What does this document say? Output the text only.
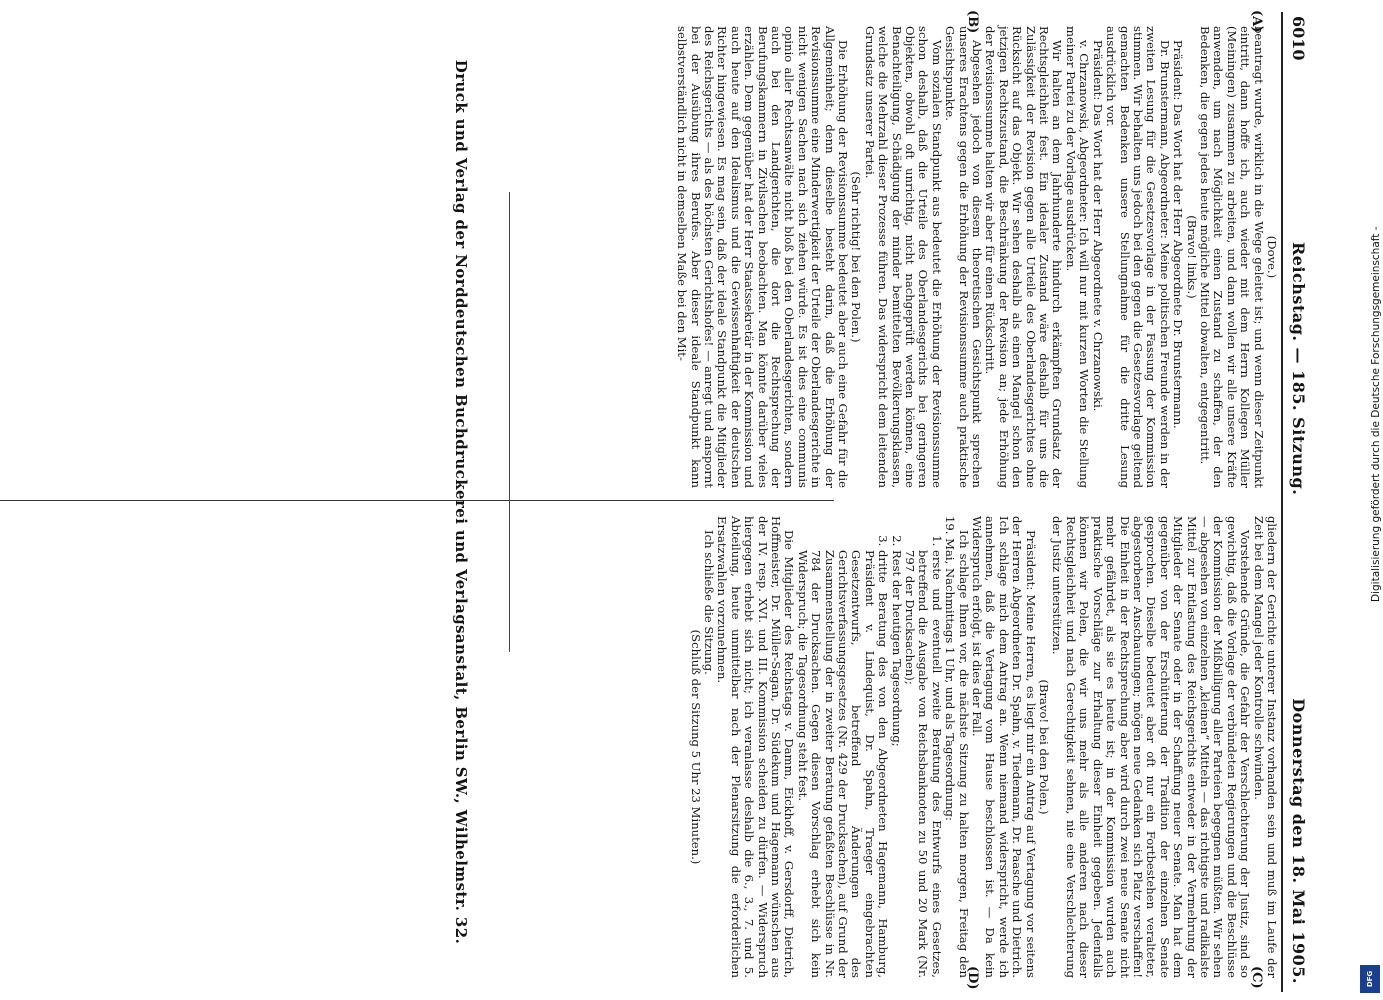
6010
Reichstag. — 185. Sitzung.
Donnerstag den 18. Mai 1905.
(A)
(B)
(C)
(D)

(Dove.)

beantragt wurde, wirklich in die Wege geleitet ist; und wenn dieser Zeitpunkt eintritt, dann hoffe ich, auch wieder mit dem Herrn Kollegen Müller (Meiningen) zusammen zu arbeiten, und dann wollen wir alle unsere Kräfte anwenden, um nach Möglichkeit einen Zustand zu schaffen, der den Bedenken, die gegen jedes heute mögliche Mittel obwalten, entgegentritt.

(Bravo! links.)

Präsident: Das Wort hat der Herr Abgeordnete Dr. Brunstermann.

Dr. Brunstermann, Abgeordneter: Meine politischen Freunde werden in der zweiten Lesung für die Gesetzesvorlage in der Fassung der Kommission stimmen. Wir behalten uns jedoch bei den gegen die Gesetzesvorlage geltend gemachten Bedenken unsere Stellungnahme für die dritte Lesung ausdrücklich vor.

Präsident: Das Wort hat der Herr Abgeordnete v. Chrzanowski.

v. Chrzanowski, Abgeordneter: Ich will nur mit kurzen Worten die Stellung meiner Partei zu der Vorlage ausdrücken.

Wir halten an dem Jahrhunderte hindurch erkämpften Grundsatz der Rechtsgleichheit fest. Ein idealer Zustand wäre deshalb für uns die Zulässigkeit der Revision gegen alle Urteile des Oberlandesgerichtes ohne Rücksicht auf das Objekt. Wir sehen deshalb als einen Mangel schon den jetzigen Rechtszustand, die Beschränkung der Revision an; jede Erhöhung der Revisionssumme halten wir aber für einen Rückschritt.

Abgesehen jedoch von diesem theoretischen Gesichtspunkt sprechen unseres Erachtens gegen die Erhöhung der Revisionssumme auch praktische Gesichtspunkte.

Vom sozialen Standpunkt aus bedeutet die Erhöhung der Revisionssumme schon deshalb, daß die Urteile des Oberlandesgerichts bei geringeren Objekten, obwohl oft unrichtig, nicht nachgeprüft werden können, eine Benachteiligung, Schädigung der minder bemittelten Bevölkerungsklassen, welche die Mehrzahl dieser Prozesse führen. Das widerspricht dem leitenden Grundsatz unserer Partei.

(Sehr richtig! bei den Polen.)

Die Erhöhung der Revisionssumme bedeutet aber auch eine Gefahr für die Allgemeinheit; denn dieselbe besteht darin, daß die Erhöhung der Revisionssumme eine Minderwertigkeit der Urteile der Oberlandesgerichte in nicht wenigen Sachen nach sich ziehen würde. Es ist dies eine communis opinio aller Rechtsanwälte nicht bloß bei den Oberlandesgerichten, sondern auch bei den Landgerichten, die dort die Rechtsprechung der Berufungskammern in Zivilsachen beobachten. Man könnte darüber vieles erzählen. Dem gegenüber hat der Herr Staatssekretär in der Kommission und auch heute auf den Idealismus und die Gewissenhaftigkeit der deutschen Richter hingewiesen. Es mag sein, daß der ideale Standpunkt die Mitglieder des Reichsgerichts — als des höchsten Gerichtshofes! — anregt und anspornt bei der Ausübung ihres Berufes. Aber dieser ideale Standpunkt kann selbstverständlich nicht in demselben Maße bei den Mit-

gliedern der Gerichte unterer Instanz vorhanden sein und muß im Laufe der Zeit bei dem Mangel jeder Kontrolle schwinden.

Vorstehende Gründe, die Gefahr der Verschlechterung der Justiz, sind so gewichtig, daß die Vorlage der verbündeten Regierungen und die Beschlüsse der Kommission der Mißbilligung aller Parteien begegnen müßten. Wir sehen — abgesehen von einzelnen „kleinen“ Mitteln — das richtigste und radikalste Mittel zur Entlastung des Reichsgerichts entweder in der Vermehrung der Mitglieder der Senate oder in der Schaffung neuer Senate. Man hat dem gegenüber von der Erschütterung der Tradition der einzelnen Senate gesprochen. Dieselbe bedeutet aber oft nur ein Fortbestehen veralteter, abgestorbener Anschauungen; mögen neue Gedanken sich Platz verschaffen! Die Einheit in der Rechtsprechung aber wird durch zwei neue Senate nicht mehr gefährdet, als sie es heute ist; in der Kommission wurden auch praktische Vorschläge zur Erhaltung dieser Einheit gegeben. Jedenfalls können wir Polen, die wir uns mehr als alle anderen nach dieser Rechtsgleichheit und nach Gerechtigkeit sehnen, nie eine Verschlechterung der Justiz unterstützen.

(Bravo! bei den Polen.)

Präsident: Meine Herren, es liegt mir ein Antrag auf Vertagung vor seitens der Herren Abgeordneten Dr. Spahn, v. Tiedemann, Dr. Paasche und Dietrich. Ich schlage mich dem Antrag an. Wenn niemand widerspricht, werde ich annehmen, daß die Vertagung vom Hause beschlossen ist. — Da kein Widerspruch erfolgt, ist dies der Fall.

Ich schlage Ihnen vor, die nächste Sitzung zu halten morgen, Freitag den 19. Mai, Nachmittags 1 Uhr, und als Tagesordnung:

1. erste und eventuell zweite Beratung des Entwurfs eines Gesetzes, betreffend die Ausgabe von Reichsbanknoten zu 50 und 20 Mark (Nr. 797 der Drucksachen);
2. Rest der heutigen Tagesordnung;
3. dritte Beratung des von den Abgeordneten Hagemann, Hamburg, Präsident v. Lindequist, Dr. Spahn, Traeger eingebrachten Gesetzentwurfs, betreffend Änderungen des Gerichtsverfassungsgesetzes (Nr. 429 der Drucksachen), auf Grund der Zusammenstellung der in zweiter Beratung gefaßten Beschlüsse in Nr. 784 der Drucksachen. Gegen diesen Vorschlag erhebt sich kein Widerspruch; die Tagesordnung steht fest.

Die Mitglieder des Reichstags v. Damm, Eickhoff, v. Gersdorff, Dietrich, Hoffmeister, Dr. Müller-Sagan, Dr. Südekum und Hagemann wünschen aus der IV. resp. XVI. und III. Kommission scheiden zu dürfen. — Widerspruch hiergegen erhebt sich nicht; ich veranlasse deshalb die 6., 3., 7. und 5. Abteilung, heute unmittelbar nach der Plenarsitzung die erforderlichen Ersatzwahlen vorzunehmen.

Ich schließe die Sitzung.

(Schluß der Sitzung 5 Uhr 23 Minuten.)

Druck und Verlag der Norddeutschen Buchdruckerei und Verlagsanstalt, Berlin SW., Wilhelmstr. 32.	Digitalisierung gefördert durch die Deutsche Forschungsgemeinschaft -
DFG
